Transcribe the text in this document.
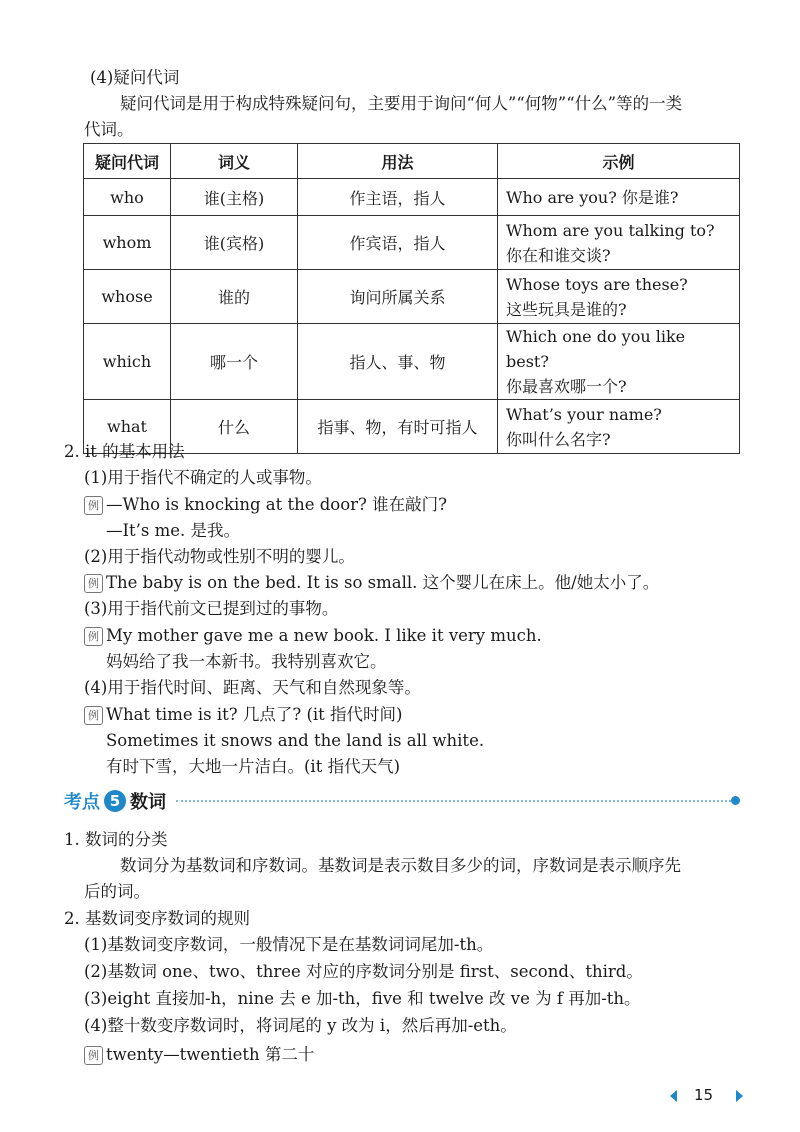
(4)疑问代词
疑问代词是用于构成特殊疑问句，主要用于询问“何人”“何物”“什么”等的一类
代词。
疑问代词	词义	用法	示例
who	谁(主格)	作主语，指人	Who are you? 你是谁?

whom	谁(宾格)	作宾语，指人	Whom are you talking to?
你在和谁交谈?

whose	谁的	询问所属关系	Whose toys are these?
这些玩具是谁的?

which	哪一个	指人、事、物	Which one do you like best?
你最喜欢哪一个?

what	什么	指事、物，有时可指人	What’s your name?
你叫什么名字?
2. it 的基本用法
(1)用于指代不确定的人或事物。
例 —Who is knocking at the door? 谁在敲门?
—It’s me. 是我。
(2)用于指代动物或性别不明的婴儿。
例 The baby is on the bed. It is so small. 这个婴儿在床上。他/她太小了。
(3)用于指代前文已提到过的事物。
例 My mother gave me a new book. I like it very much.
妈妈给了我一本新书。我特别喜欢它。
(4)用于指代时间、距离、天气和自然现象等。
例 What time is it? 几点了? (it 指代时间)
Sometimes it snows and the land is all white.
有时下雪，大地一片洁白。(it 指代天气)
考点 5 数词
1. 数词的分类
数词分为基数词和序数词。基数词是表示数目多少的词，序数词是表示顺序先
后的词。
2. 基数词变序数词的规则
(1)基数词变序数词，一般情况下是在基数词词尾加-th。
(2)基数词 one、two、three 对应的序数词分别是 first、second、third。
(3)eight 直接加-h，nine 去 e 加-th，five 和 twelve 改 ve 为 f 再加-th。
(4)整十数变序数词时，将词尾的 y 改为 i，然后再加-eth。
例 twenty—twentieth 第二十
15
